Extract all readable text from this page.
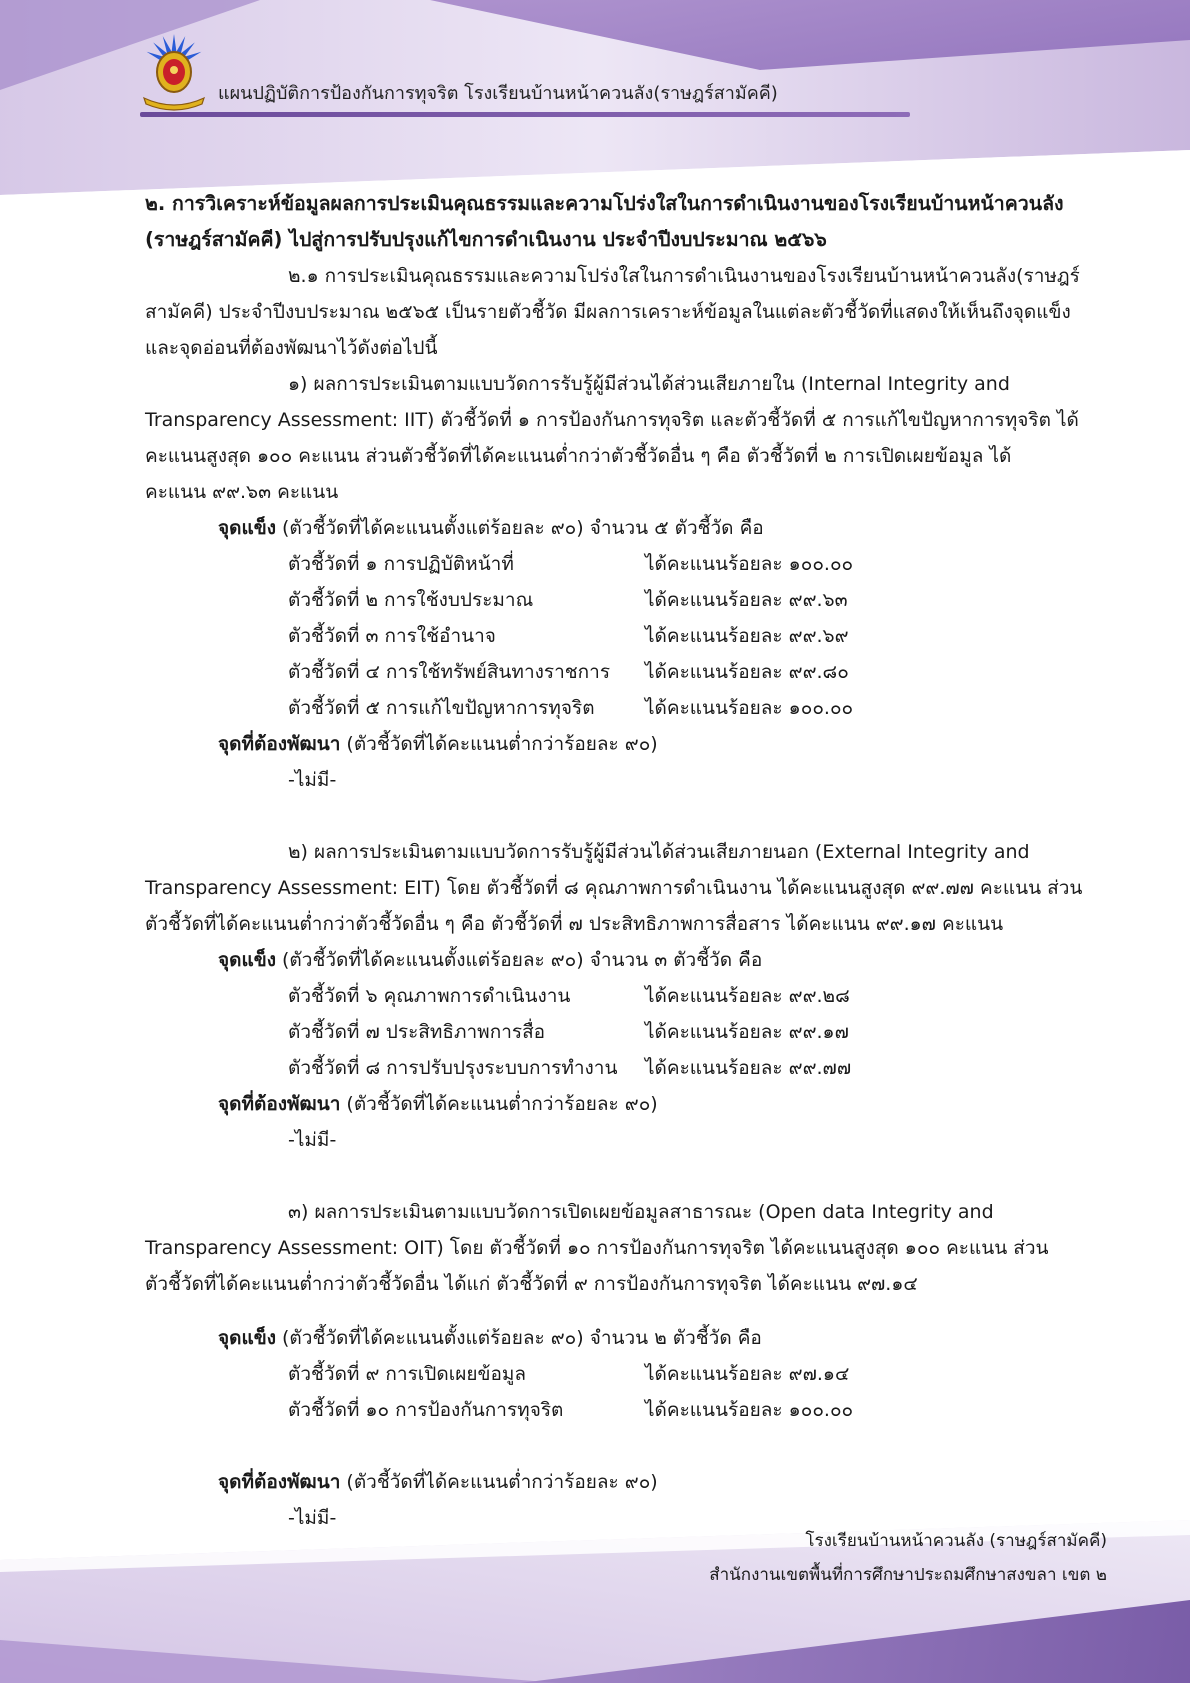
แผนปฏิบัติการป้องกันการทุจริต โรงเรียนบ้านหน้าควนลัง(ราษฎร์สามัคคี)

๒. การวิเคราะห์ข้อมูลผลการประเมินคุณธรรมและความโปร่งใสในการดำเนินงานของโรงเรียนบ้านหน้าควนลัง

(ราษฎร์สามัคคี) ไปสู่การปรับปรุงแก้ไขการดำเนินงาน ประจำปีงบประมาณ ๒๕๖๖

๒.๑ การประเมินคุณธรรมและความโปร่งใสในการดำเนินงานของโรงเรียนบ้านหน้าควนลัง(ราษฎร์

สามัคคี) ประจำปีงบประมาณ ๒๕๖๕ เป็นรายตัวชี้วัด มีผลการเคราะห์ข้อมูลในแต่ละตัวชี้วัดที่แสดงให้เห็นถึงจุดแข็ง

และจุดอ่อนที่ต้องพัฒนาไว้ดังต่อไปนี้

๑) ผลการประเมินตามแบบวัดการรับรู้ผู้มีส่วนได้ส่วนเสียภายใน (Internal Integrity and

Transparency Assessment: IIT) ตัวชี้วัดที่ ๑ การป้องกันการทุจริต และตัวชี้วัดที่ ๕ การแก้ไขปัญหาการทุจริต ได้

คะแนนสูงสุด ๑๐๐ คะแนน ส่วนตัวชี้วัดที่ได้คะแนนต่ำกว่าตัวชี้วัดอื่น ๆ คือ ตัวชี้วัดที่ ๒ การเปิดเผยข้อมูล ได้

คะแนน ๙๙.๖๓ คะแนน

จุดแข็ง (ตัวชี้วัดที่ได้คะแนนตั้งแต่ร้อยละ ๙๐) จำนวน ๕ ตัวชี้วัด คือ

ตัวชี้วัดที่ ๑ การปฏิบัติหน้าที่	ได้คะแนนร้อยละ ๑๐๐.๐๐
ตัวชี้วัดที่ ๒ การใช้งบประมาณ	ได้คะแนนร้อยละ ๙๙.๖๓
ตัวชี้วัดที่ ๓ การใช้อำนาจ	ได้คะแนนร้อยละ ๙๙.๖๙
ตัวชี้วัดที่ ๔ การใช้ทรัพย์สินทางราชการ	ได้คะแนนร้อยละ ๙๙.๘๐
ตัวชี้วัดที่ ๕ การแก้ไขปัญหาการทุจริต	ได้คะแนนร้อยละ ๑๐๐.๐๐

จุดที่ต้องพัฒนา (ตัวชี้วัดที่ได้คะแนนต่ำกว่าร้อยละ ๙๐)

-ไม่มี-

๒) ผลการประเมินตามแบบวัดการรับรู้ผู้มีส่วนได้ส่วนเสียภายนอก (External Integrity and

Transparency Assessment: EIT) โดย ตัวชี้วัดที่ ๘ คุณภาพการดำเนินงาน ได้คะแนนสูงสุด ๙๙.๗๗ คะแนน ส่วน

ตัวชี้วัดที่ได้คะแนนต่ำกว่าตัวชี้วัดอื่น ๆ คือ ตัวชี้วัดที่ ๗ ประสิทธิภาพการสื่อสาร ได้คะแนน ๙๙.๑๗ คะแนน

จุดแข็ง (ตัวชี้วัดที่ได้คะแนนตั้งแต่ร้อยละ ๙๐) จำนวน ๓ ตัวชี้วัด คือ

ตัวชี้วัดที่ ๖ คุณภาพการดำเนินงาน	ได้คะแนนร้อยละ ๙๙.๒๘
ตัวชี้วัดที่ ๗ ประสิทธิภาพการสื่อ	ได้คะแนนร้อยละ ๙๙.๑๗
ตัวชี้วัดที่ ๘ การปรับปรุงระบบการทำงาน	ได้คะแนนร้อยละ ๙๙.๗๗

จุดที่ต้องพัฒนา (ตัวชี้วัดที่ได้คะแนนต่ำกว่าร้อยละ ๙๐)

-ไม่มี-

๓) ผลการประเมินตามแบบวัดการเปิดเผยข้อมูลสาธารณะ (Open data Integrity and

Transparency Assessment: OIT) โดย ตัวชี้วัดที่ ๑๐ การป้องกันการทุจริต ได้คะแนนสูงสุด ๑๐๐ คะแนน ส่วน

ตัวชี้วัดที่ได้คะแนนต่ำกว่าตัวชี้วัดอื่น ได้แก่ ตัวชี้วัดที่ ๙ การป้องกันการทุจริต ได้คะแนน ๙๗.๑๔

จุดแข็ง (ตัวชี้วัดที่ได้คะแนนตั้งแต่ร้อยละ ๙๐) จำนวน ๒ ตัวชี้วัด คือ

ตัวชี้วัดที่ ๙ การเปิดเผยข้อมูล	ได้คะแนนร้อยละ ๙๗.๑๔
ตัวชี้วัดที่ ๑๐ การป้องกันการทุจริต	ได้คะแนนร้อยละ ๑๐๐.๐๐

จุดที่ต้องพัฒนา (ตัวชี้วัดที่ได้คะแนนต่ำกว่าร้อยละ ๙๐)

-ไม่มี-

โรงเรียนบ้านหน้าควนลัง (ราษฎร์สามัคคี)
สำนักงานเขตพื้นที่การศึกษาประถมศึกษาสงขลา เขต ๒
